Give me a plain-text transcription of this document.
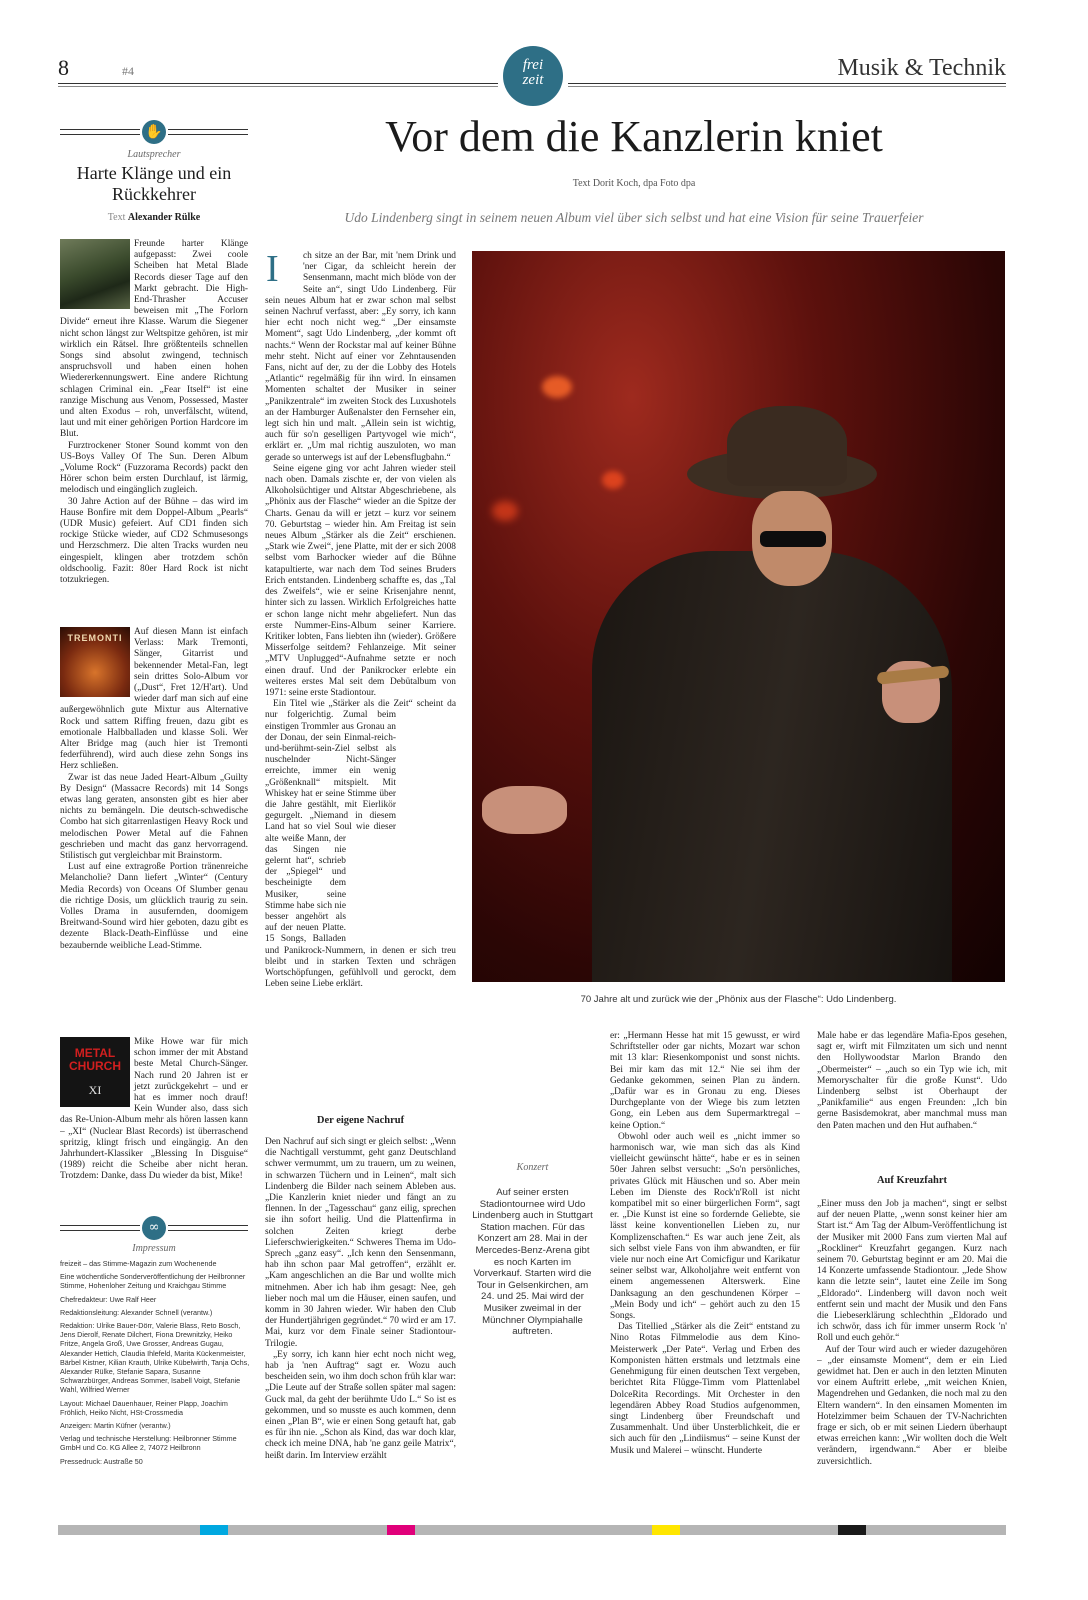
8	#4	frei
zeit	Musik & Technik
✋
Lautsprecher
Harte Klänge und ein Rückkehrer
Text Alexander Rülke
TREMONTI
METAL CHURCH
XI

Freunde harter Klänge aufgepasst: Zwei coole Scheiben hat Metal Blade Records dieser Tage auf den Markt gebracht. Die High-End-Thrasher Accuser beweisen mit „The Forlorn Divide“ erneut ihre Klasse. Warum die Siegener nicht schon längst zur Weltspitze gehören, ist mir wirklich ein Rätsel. Ihre größtenteils schnellen Songs sind absolut zwingend, technisch anspruchsvoll und haben einen hohen Wiedererkennungswert. Eine andere Richtung schlagen Criminal ein. „Fear Itself“ ist eine ranzige Mischung aus Venom, Possessed, Master und alten Exodus – roh, unverfälscht, wütend, laut und mit einer gehörigen Portion Hardcore im Blut.

Furztrockener Stoner Sound kommt von den US-Boys Valley Of The Sun. Deren Album „Volume Rock“ (Fuzzorama Records) packt den Hörer schon beim ersten Durchlauf, ist lärmig, melodisch und eingänglich zugleich.

30 Jahre Action auf der Bühne – das wird im Hause Bonfire mit dem Doppel-Album „Pearls“ (UDR Music) gefeiert. Auf CD1 finden sich rockige Stücke wieder, auf CD2 Schmusesongs und Herzschmerz. Die alten Tracks wurden neu eingespielt, klingen aber trotzdem schön oldschoolig. Fazit: 80er Hard Rock ist nicht totzukriegen.

Auf diesen Mann ist einfach Verlass: Mark Tremonti, Sänger, Gitarrist und bekennender Metal-Fan, legt sein drittes Solo-Album vor („Dust“, Fret 12/H'art). Und wieder darf man sich auf eine außergewöhnlich gute Mixtur aus Alternative Rock und sattem Riffing freuen, dazu gibt es emotionale Halbballaden und klasse Soli. Wer Alter Bridge mag (auch hier ist Tremonti federführend), wird auch diese zehn Songs ins Herz schließen.

Zwar ist das neue Jaded Heart-Album „Guilty By Design“ (Massacre Records) mit 14 Songs etwas lang geraten, ansonsten gibt es hier aber nichts zu bemängeln. Die deutsch-schwedische Combo hat sich gitarrenlastigen Heavy Rock und melodischen Power Metal auf die Fahnen geschrieben und macht das ganz hervorragend. Stilistisch gut vergleichbar mit Brainstorm.

Lust auf eine extragroße Portion tränenreiche Melancholie? Dann liefert „Winter“ (Century Media Records) von Oceans Of Slumber genau die richtige Dosis, um glücklich traurig zu sein. Volles Drama in ausufernden, doomigem Breitwand-Sound wird hier geboten, dazu gibt es dezente Black-Death-Einflüsse und eine bezaubernde weibliche Lead-Stimme.

Mike Howe war für mich schon immer der mit Abstand beste Metal Church-Sänger. Nach rund 20 Jahren ist er jetzt zurückgekehrt – und er hat es immer noch drauf! Kein Wunder also, dass sich das Re-Union-Album mehr als hören lassen kann – „XI“ (Nuclear Blast Records) ist überraschend spritzig, klingt frisch und eingängig. An den Jahrhundert-Klassiker „Blessing In Disguise“ (1989) reicht die Scheibe aber nicht heran. Trotzdem: Danke, dass Du wieder da bist, Mike!

∞
Impressum
freizeit – das Stimme-Magazin zum Wochenende
Eine wöchentliche Sonderveröffentlichung der Heilbronner Stimme, Hohenloher Zeitung und Kraichgau Stimme
Chefredakteur: Uwe Ralf Heer
Redaktionsleitung: Alexander Schnell (verantw.)
Redaktion: Ulrike Bauer-Dörr, Valerie Blass, Reto Bosch, Jens Dierolf, Renate Dilchert, Fiona Drewnitzky, Heiko Fritze, Angela Groß, Uwe Grosser, Andreas Gugau, Alexander Hettich, Claudia Ihlefeld, Marita Kückenmeister, Bärbel Kistner, Kilian Krauth, Ulrike Kübelwirth, Tanja Ochs, Alexander Rülke, Stefanie Sapara, Susanne Schwarzbürger, Andreas Sommer, Isabell Voigt, Stefanie Wahl, Wilfried Werner
Layout: Michael Dauenhauer, Reiner Plapp, Joachim Fröhlich, Heiko Nicht, HSt-Crossmedia
Anzeigen: Martin Küfner (verantw.)
Verlag und technische Herstellung: Heilbronner Stimme GmbH und Co. KG Allee 2, 74072 Heilbronn
Pressedruck: Austraße 50
Vor dem die Kanzlerin kniet
Text Dorit Koch, dpa Foto dpa
Udo Lindenberg singt in seinem neuen Album viel über sich selbst und hat eine Vision für seine Trauerfeier
70 Jahre alt und zurück wie der „Phönix aus der Flasche“: Udo Lindenberg.
I	ch sitze an der Bar, mit 'nem Drink und 'ner Cigar, da schleicht herein der Sensenmann, macht mich blöde von der Seite an“, singt Udo Lindenberg. Für sein neues Album hat er zwar schon mal selbst seinen Nachruf verfasst, aber: „Ey sorry, ich kann hier echt noch nicht weg.“ „Der einsamste Moment“, sagt Udo Lindenberg, „der kommt oft nachts.“ Wenn der Rockstar mal auf keiner Bühne mehr steht. Nicht auf einer vor Zehntausenden Fans, nicht auf der, zu der die Lobby des Hotels „Atlantic“ regelmäßig für ihn wird. In einsamen Momenten schaltet der Musiker in seiner „Panikzentrale“ im zweiten Stock des Luxushotels an der Hamburger Außenalster den Fernseher ein, legt sich hin und malt. „Allein sein ist wichtig, auch für so'n geselligen Partyvogel wie mich“, erklärt er. „Um mal richtig auszuloten, wo man gerade so unterwegs ist auf der Lebensflugbahn.“

Seine eigene ging vor acht Jahren wieder steil nach oben. Damals zischte er, der von vielen als Alkoholsüchtiger und Altstar Abgeschriebene, als „Phönix aus der Flasche“ wieder an die Spitze der Charts. Genau da will er jetzt – kurz vor seinem 70. Geburtstag – wieder hin. Am Freitag ist sein neues Album „Stärker als die Zeit“ erschienen. „Stark wie Zwei“, jene Platte, mit der er sich 2008 selbst vom Barhocker wieder auf die Bühne katapultierte, war nach dem Tod seines Bruders Erich entstanden. Lindenberg schaffte es, das „Tal des Zweifels“, wie er seine Krisenjahre nennt, hinter sich zu lassen. Wirklich Erfolgreiches hatte er schon lange nicht mehr abgeliefert. Nun das erste Nummer-Eins-Album seiner Karriere. Kritiker lobten, Fans liebten ihn (wieder). Größere Misserfolge seitdem? Fehlanzeige. Mit seiner „MTV Unplugged“-Aufnahme setzte er noch einen drauf. Und der Panikrocker erlebte ein weiteres erstes Mal seit dem Debütalbum von 1971: seine erste Stadiontour.

Ein Titel wie „Stärker als die Zeit“ scheint da nur folgerichtig. Zumal beim einstigen Trommler aus Gronau an der Donau, der sein Einmal-reich-und-berühmt-sein-Ziel selbst als nuschelnder Nicht-Sänger erreichte, immer ein wenig „Größenknall“ mitspielt. Mit Whiskey hat er seine Stimme über die Jahre gestählt, mit Eierlikör gegurgelt. „Niemand in diesem Land hat so viel Soul wie dieser alte weiße Mann, der das Singen nie gelernt hat“, schrieb der „Spiegel“ und bescheinigte dem Musiker, seine Stimme habe sich nie besser angehört als auf der neuen Platte. 15 Songs, Balladen und Panikrock-Nummern, in denen er sich treu bleibt und in starken Texten und schrägen Wortschöpfungen, gefühlvoll und gerockt, dem Leben seine Liebe erklärt.

Der eigene Nachruf

Den Nachruf auf sich singt er gleich selbst: „Wenn die Nachtigall verstummt, geht ganz Deutschland schwer vermummt, um zu trauern, um zu weinen, in schwarzen Tüchern und in Leinen“, malt sich Lindenberg die Bilder nach seinem Ableben aus. „Die Kanzlerin kniet nieder und fängt an zu flennen. In der „Tagesschau“ ganz eilig, sprechen sie ihn sofort heilig. Und die Plattenfirma in solchen Zeiten kriegt derbe Lieferschwierigkeiten.“ Schweres Thema im Udo-Sprech „ganz easy“. „Ich kenn den Sensenmann, hab ihn schon paar Mal getroffen“, erzählt er. „Kam angeschlichen an die Bar und wollte mich mitnehmen. Aber ich hab ihm gesagt: Nee, geh lieber noch mal um die Häuser, einen saufen, und komm in 30 Jahren wieder. Wir haben den Club der Hundertjährigen gegründet.“ 70 wird er am 17. Mai, kurz vor dem Finale seiner Stadiontour-Trilogie.

„Ey sorry, ich kann hier echt noch nicht weg, hab ja 'nen Auftrag“ sagt er. Wozu auch bescheiden sein, wo ihm doch schon früh klar war: „Die Leute auf der Straße sollen später mal sagen: Guck mal, da geht der berühmte Udo L.“ So ist es gekommen, und so musste es auch kommen, denn einen „Plan B“, wie er einen Song getauft hat, gab es für ihn nie. „Schon als Kind, das war doch klar, check ich meine DNA, hab 'ne ganz geile Matrix“, heißt darin. Im Interview erzählt

Konzert
Auf seiner ersten Stadiontournee wird Udo Lindenberg auch in Stuttgart Station machen. Für das Konzert am 28. Mai in der Mercedes-Benz-Arena gibt es noch Karten im Vorverkauf. Starten wird die Tour in Gelsenkirchen, am 24. und 25. Mai wird der Musiker zweimal in der Münchner Olympiahalle auftreten.

er: „Hermann Hesse hat mit 15 gewusst, er wird Schriftsteller oder gar nichts, Mozart war schon mit 13 klar: Riesenkomponist und sonst nichts. Bei mir kam das mit 12.“ Nie sei ihm der Gedanke gekommen, seinen Plan zu ändern. „Dafür war es in Gronau zu eng. Dieses Durchgeplante von der Wiege bis zum letzten Gong, ein Leben aus dem Supermarktregal – keine Option.“

Obwohl oder auch weil es „nicht immer so harmonisch war, wie man sich das als Kind vielleicht gewünscht hätte“, habe er es in seinen 50er Jahren selbst versucht: „So'n persönliches, privates Glück mit Häuschen und so. Aber mein Leben im Dienste des Rock'n'Roll ist nicht kompatibel mit so einer bürgerlichen Form“, sagt er. „Die Kunst ist eine so fordernde Geliebte, sie lässt keine konventionellen Lieben zu, nur Komplizenschaften.“ Es war auch jene Zeit, als sich selbst viele Fans von ihm abwandten, er für viele nur noch eine Art Comicfigur und Karikatur seiner selbst war, Alkoholjahre weit entfernt von einem angemessenen Alterswerk. Eine Danksagung an den geschundenen Körper – „Mein Body und ich“ – gehört auch zu den 15 Songs.

Das Titellied „Stärker als die Zeit“ entstand zu Nino Rotas Filmmelodie aus dem Kino-Meisterwerk „Der Pate“. Verlag und Erben des Komponisten hätten erstmals und letztmals eine Genehmigung für einen deutschen Text vergeben, berichtet Rita Flügge-Timm vom Plattenlabel DolceRita Recordings. Mit Orchester in den legendären Abbey Road Studios aufgenommen, singt Lindenberg über Freundschaft und Zusammenhalt. Und über Unsterblichkeit, die er sich auch für den „Lindiismus“ – seine Kunst der Musik und Malerei – wünscht. Hunderte

Male habe er das legendäre Mafia-Epos gesehen, sagt er, wirft mit Filmzitaten um sich und nennt den Hollywoodstar Marlon Brando den „Obermeister“ – „auch so ein Typ wie ich, mit Memoryschalter für die große Kunst“. Udo Lindenberg selbst ist Oberhaupt der „Panikfamilie“ aus engen Freunden: „Ich bin gerne Basisdemokrat, aber manchmal muss man den Paten machen und den Hut aufhaben.“

Auf Kreuzfahrt

„Einer muss den Job ja machen“, singt er selbst auf der neuen Platte, „wenn sonst keiner hier am Start ist.“ Am Tag der Album-Veröffentlichung ist der Musiker mit 2000 Fans zum vierten Mal auf „Rockliner“ Kreuzfahrt gegangen. Kurz nach seinem 70. Geburtstag beginnt er am 20. Mai die 14 Konzerte umfassende Stadiontour. „Jede Show kann die letzte sein“, lautet eine Zeile im Song „Eldorado“. Lindenberg will davon noch weit entfernt sein und macht der Musik und den Fans die Liebeserklärung schlechthin „Eldorado und ich schwör, dass ich für immer unserm Rock 'n' Roll und euch gehör.“

Auf der Tour wird auch er wieder dazugehören – „der einsamste Moment“, dem er ein Lied gewidmet hat. Den er auch in den letzten Minuten vor einem Auftritt erlebe, „mit weichen Knien, Magendrehen und Gedanken, die noch mal zu den Eltern wandern“. In den einsamen Momenten im Hotelzimmer beim Schauen der TV-Nachrichten frage er sich, ob er mit seinen Liedern überhaupt etwas erreichen kann: „Wir wollten doch die Welt verändern, irgendwann.“ Aber er bleibe zuversichtlich.
